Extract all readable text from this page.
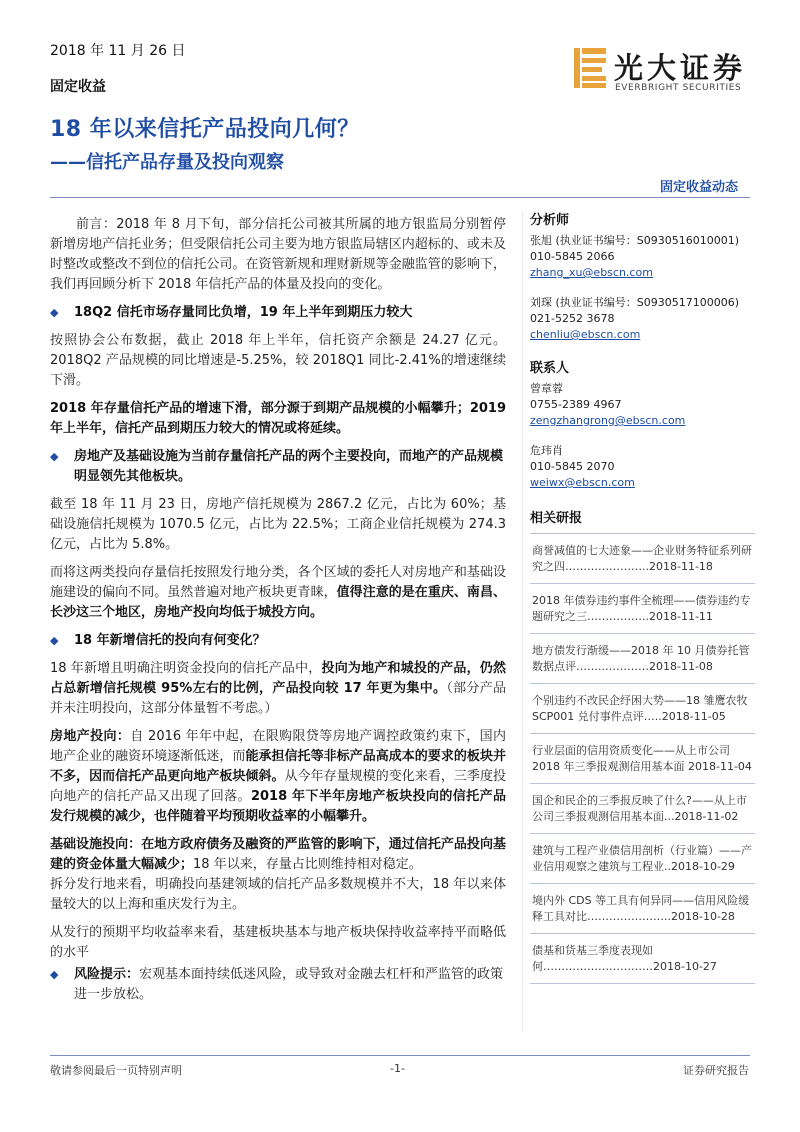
2018 年 11 月 26 日
固定收益
18 年以来信托产品投向几何？
——信托产品存量及投向观察
光大证券
EVERBRIGHT SECURITIES
固定收益动态

前言：2018 年 8 月下旬，部分信托公司被其所属的地方银监局分别暂停新增房地产信托业务；但受限信托公司主要为地方银监局辖区内超标的、或未及时整改或整改不到位的信托公司。在资管新规和理财新规等金融监管的影响下，我们再回顾分析下 2018 年信托产品的体量及投向的变化。

◆	18Q2 信托市场存量同比负增，19 年上半年到期压力较大

按照协会公布数据，截止 2018 年上半年，信托资产余额是 24.27 亿元。2018Q2 产品规模的同比增速是-5.25%，较 2018Q1 同比-2.41%的增速继续下滑。

2018 年存量信托产品的增速下滑，部分源于到期产品规模的小幅攀升；2019 年上半年，信托产品到期压力较大的情况或将延续。

◆	房地产及基础设施为当前存量信托产品的两个主要投向，而地产的产品规模明显领先其他板块。

截至 18 年 11 月 23 日，房地产信托规模为 2867.2 亿元，占比为 60%；基础设施信托规模为 1070.5 亿元，占比为 22.5%；工商企业信托规模为 274.3 亿元，占比为 5.8%。

而将这两类投向存量信托按照发行地分类，各个区域的委托人对房地产和基础设施建设的偏向不同。虽然普遍对地产板块更青睐，值得注意的是在重庆、南昌、长沙这三个地区，房地产投向均低于城投方向。

◆	18 年新增信托的投向有何变化？

18 年新增且明确注明资金投向的信托产品中，投向为地产和城投的产品，仍然占总新增信托规模 95%左右的比例，产品投向较 17 年更为集中。（部分产品并未注明投向，这部分体量暂不考虑。）

房地产投向：自 2016 年年中起，在限购限贷等房地产调控政策约束下，国内地产企业的融资环境逐渐低迷，而能承担信托等非标产品高成本的要求的板块并不多，因而信托产品更向地产板块倾斜。从今年存量规模的变化来看，三季度投向地产的信托产品又出现了回落。2018 年下半年房地产板块投向的信托产品发行规模的减少，也伴随着平均预期收益率的小幅攀升。

基础设施投向：在地方政府债务及融资的严监管的影响下，通过信托产品投向基建的资金体量大幅减少；18 年以来，存量占比则维持相对稳定。

拆分发行地来看，明确投向基建领域的信托产品多数规模并不大，18 年以来体量较大的以上海和重庆发行为主。

从发行的预期平均收益率来看，基建板块基本与地产板块保持收益率持平而略低的水平

◆	风险提示：宏观基本面持续低迷风险，或导致对金融去杠杆和严监管的政策进一步放松。
分析师
张旭 (执业证书编号：S0930516010001)
010-5845 2066
zhang_xu@ebscn.com
刘琛 (执业证书编号：S0930517100006)
021-5252 3678
chenliu@ebscn.com
联系人
曾章蓉
0755-2389 4967
zengzhangrong@ebscn.com
危玮肖
010-5845 2070
weiwx@ebscn.com
相关研报
商誉减值的七大迹象——企业财务特征系列研究之四…………………..2018-11-18
2018 年债券违约事件全梳理——债券违约专题研究之三……………..2018-11-11
地方债发行渐缓——2018 年 10 月债券托管数据点评……..…………2018-11-08
个别违约不改民企纾困大势——18 雏鹰农牧 SCP001 兑付事件点评…..2018-11-05
行业层面的信用资质变化——从上市公司 2018 年三季报观测信用基本面 2018-11-04
国企和民企的三季报反映了什么?——从上市公司三季报观测信用基本面...2018-11-02
建筑与工程产业债信用剖析（行业篇）——产业信用观察之建筑与工程业..2018-10-29
境内外 CDS 等工具有何异同——信用风险缓释工具对比…………………..2018-10-28
债基和货基三季度表现如何…………………………2018-10-27
敬请参阅最后一页特别声明	-1-	证券研究报告
